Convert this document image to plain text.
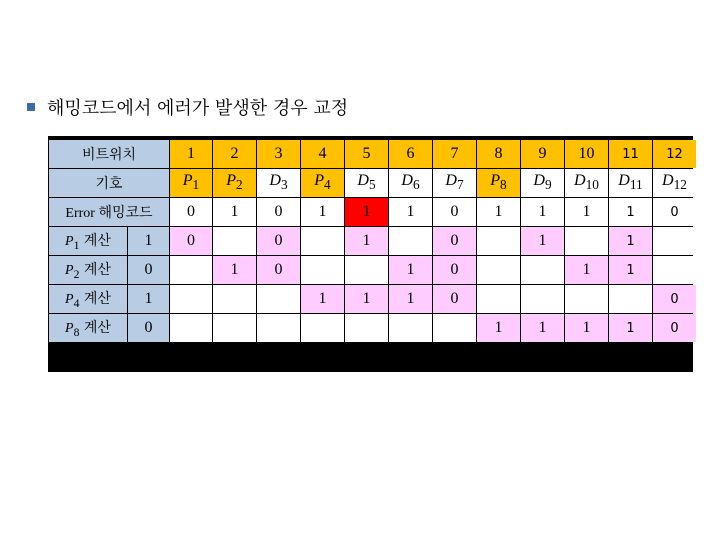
해밍코드에서 에러가 발생한 경우 교정
비트위치		1	2	3	4	5	6	7	8	9	10	11	12
기호		$P_1$	$P_2$	$D_3$	$P_4$	$D_5$	$D_6$	$D_7$	$P_8$	$D_9$	$D_{10}$	$D_{11}$	$D_{12}$
Error 해밍코드		0	1	0	1	1	1	0	1	1	1	1	0
$P_1$ 계산	1	0		0		1		0		1		1	
$P_2$ 계산	0		1	0			1	0			1	1	
$P_4$ 계산	1				1	1	1	0					0
$P_8$ 계산	0								1	1	1	1	0
$P_8P_4P_2P_1=0101= 5$ : 5번째 비트에 에러 발생, 1 → 0으로 교정
